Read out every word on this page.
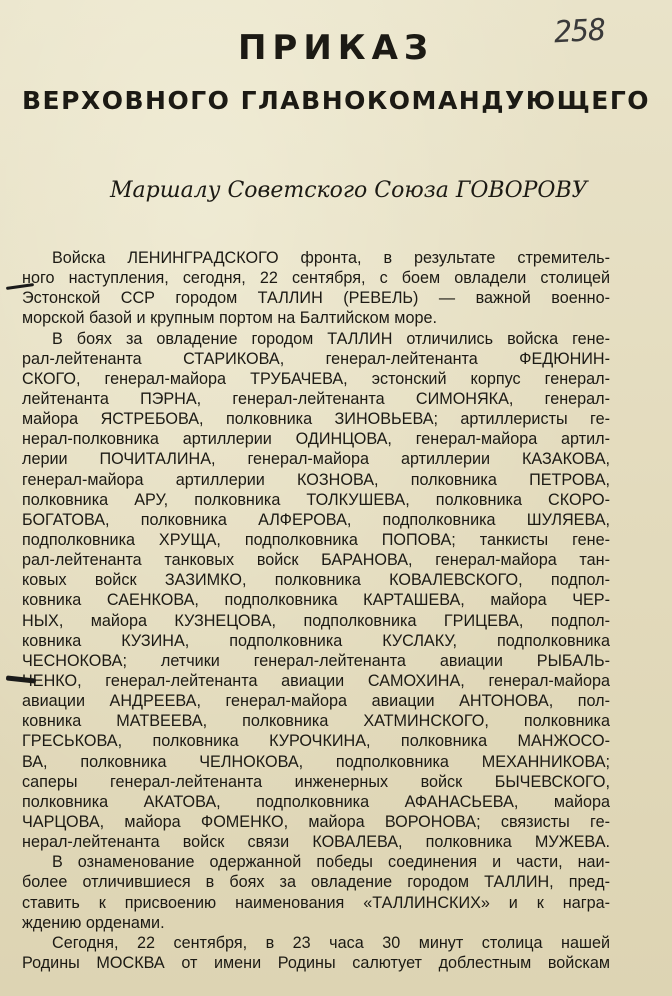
258
ПРИКАЗ
ВЕРХОВНОГО ГЛАВНОКОМАНДУЮЩЕГО
Маршалу Советского Союза ГОВОРОВУ
Войска ЛЕНИНГРАДСКОГО фронта, в результате стремитель-
ного наступления, сегодня, 22 сентября, с боем овладели столицей
Эстонской ССР городом ТАЛЛИН (РЕВЕЛЬ) — важной военно-
морской базой и крупным портом на Балтийском море.
В боях за овладение городом ТАЛЛИН отличились войска гене-
рал-лейтенанта СТАРИКОВА, генерал-лейтенанта ФЕДЮНИН-
СКОГО, генерал-майора ТРУБАЧЕВА, эстонский корпус генерал-
лейтенанта ПЭРНА, генерал-лейтенанта СИМОНЯКА, генерал-
майора ЯСТРЕБОВА, полковника ЗИНОВЬЕВА; артиллеристы ге-
нерал-полковника артиллерии ОДИНЦОВА, генерал-майора артил-
лерии ПОЧИТАЛИНА, генерал-майора артиллерии КАЗАКОВА,
генерал-майора артиллерии КОЗНОВА, полковника ПЕТРОВА,
полковника АРУ, полковника ТОЛКУШЕВА, полковника СКОРО-
БОГАТОВА, полковника АЛФЕРОВА, подполковника ШУЛЯЕВА,
подполковника ХРУЩА, подполковника ПОПОВА; танкисты гене-
рал-лейтенанта танковых войск БАРАНОВА, генерал-майора тан-
ковых войск ЗАЗИМКО, полковника КОВАЛЕВСКОГО, подпол-
ковника САЕНКОВА, подполковника КАРТАШЕВА, майора ЧЕР-
НЫХ, майора КУЗНЕЦОВА, подполковника ГРИЦЕВА, подпол-
ковника КУЗИНА, подполковника КУСЛАКУ, подполковника
ЧЕСНОКОВА; летчики генерал-лейтенанта авиации РЫБАЛЬ-
ЧЕНКО, генерал-лейтенанта авиации САМОХИНА, генерал-майора
авиации АНДРЕЕВА, генерал-майора авиации АНТОНОВА, пол-
ковника МАТВЕЕВА, полковника ХАТМИНСКОГО, полковника
ГРЕСЬКОВА, полковника КУРОЧКИНА, полковника МАНЖОСО-
ВА, полковника ЧЕЛНОКОВА, подполковника МЕХАННИКОВА;
саперы генерал-лейтенанта инженерных войск БЫЧЕВСКОГО,
полковника АКАТОВА, подполковника АФАНАСЬЕВА, майора
ЧАРЦОВА, майора ФОМЕНКО, майора ВОРОНОВА; связисты ге-
нерал-лейтенанта войск связи КОВАЛЕВА, полковника МУЖЕВА.
В ознаменование одержанной победы соединения и части, наи-
более отличившиеся в боях за овладение городом ТАЛЛИН, пред-
ставить к присвоению наименования «ТАЛЛИНСКИХ» и к награ-
ждению орденами.
Сегодня, 22 сентября, в 23 часа 30 минут столица нашей
Родины МОСКВА от имени Родины салютует доблестным войскам
